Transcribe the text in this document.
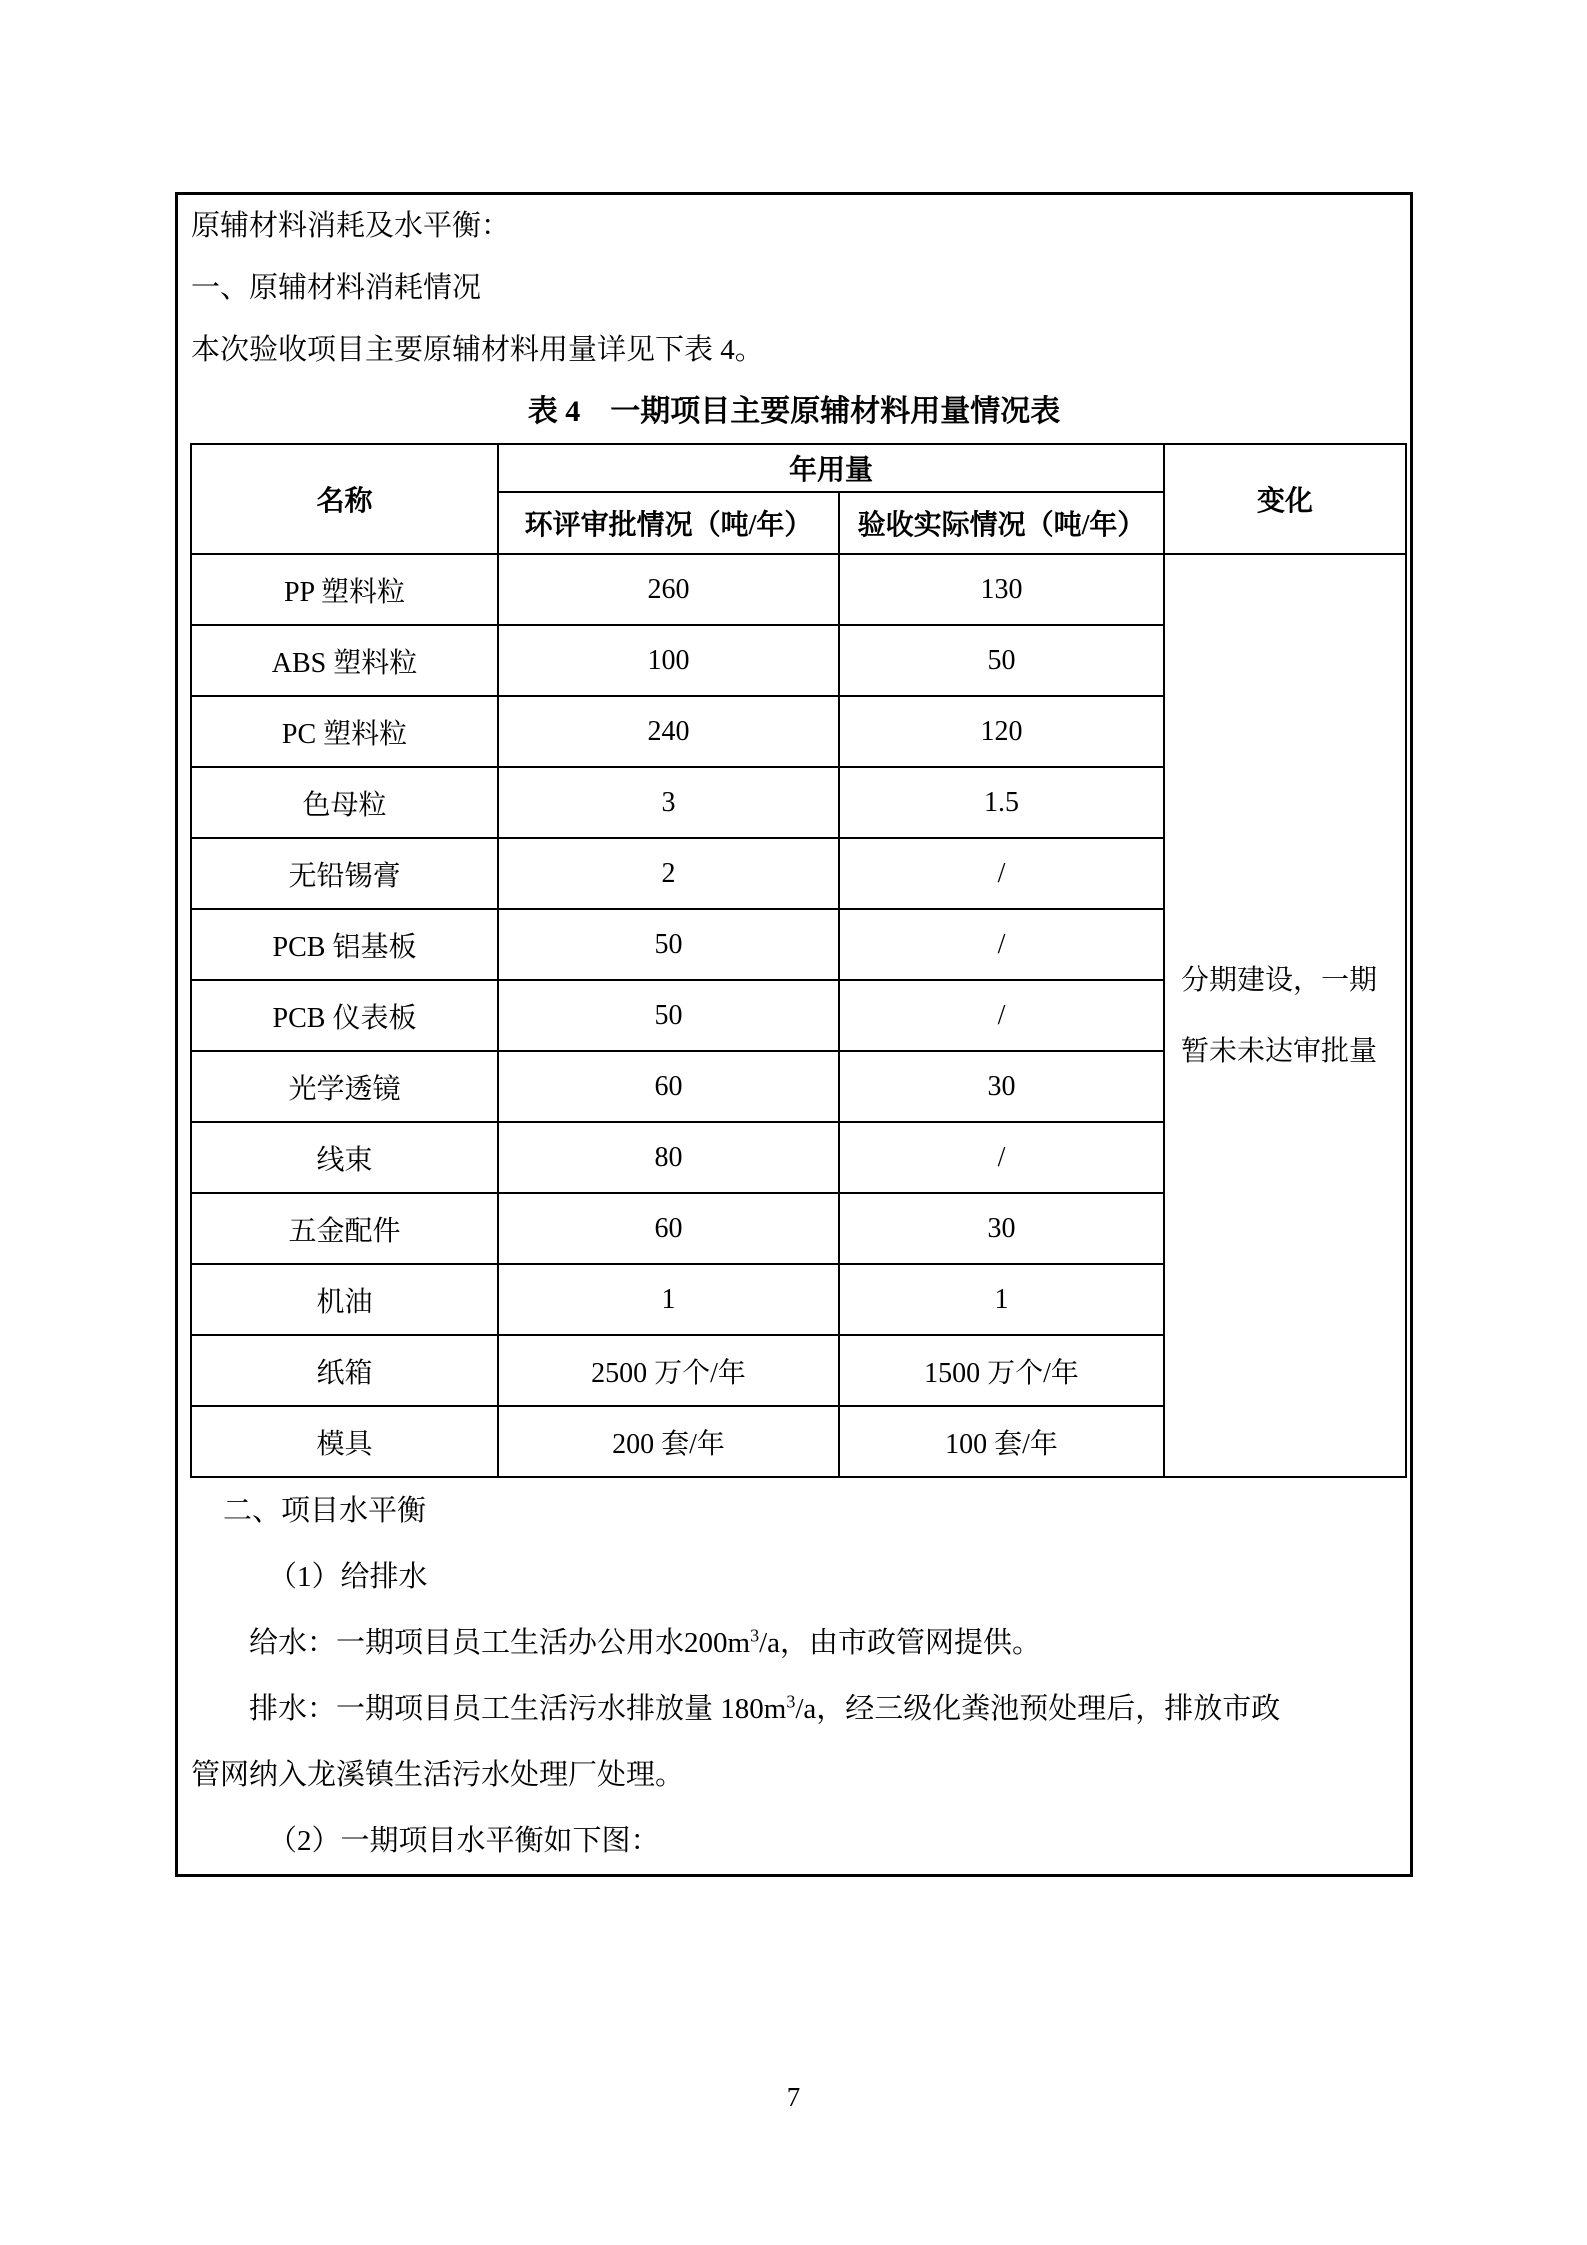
原辅材料消耗及水平衡：

一、原辅材料消耗情况

本次验收项目主要原辅材料用量详见下表 4。

表 4　一期项目主要原辅材料用量情况表

名称	年用量		变化
	环评审批情况（吨/年）	验收实际情况（吨/年）	
PP 塑料粒	260	130	分期建设，一期
暂未未达审批量

ABS 塑料粒	100	50	
PC 塑料粒	240	120	
色母粒	3	1.5	
无铅锡膏	2	/	
PCB 铝基板	50	/	
PCB 仪表板	50	/	
光学透镜	60	30	
线束	80	/	
五金配件	60	30	
机油	1	1	
纸箱	2500 万个/年	1500 万个/年	
模具	200 套/年	100 套/年	

二、项目水平衡

（1）给排水

给水：一期项目员工生活办公用水$200m^3/a$，由市政管网提供。

排水：一期项目员工生活污水排放量 $180m^3/a$，经三级化粪池预处理后，排放市政

管网纳入龙溪镇生活污水处理厂处理。

（2）一期项目水平衡如下图：

7
